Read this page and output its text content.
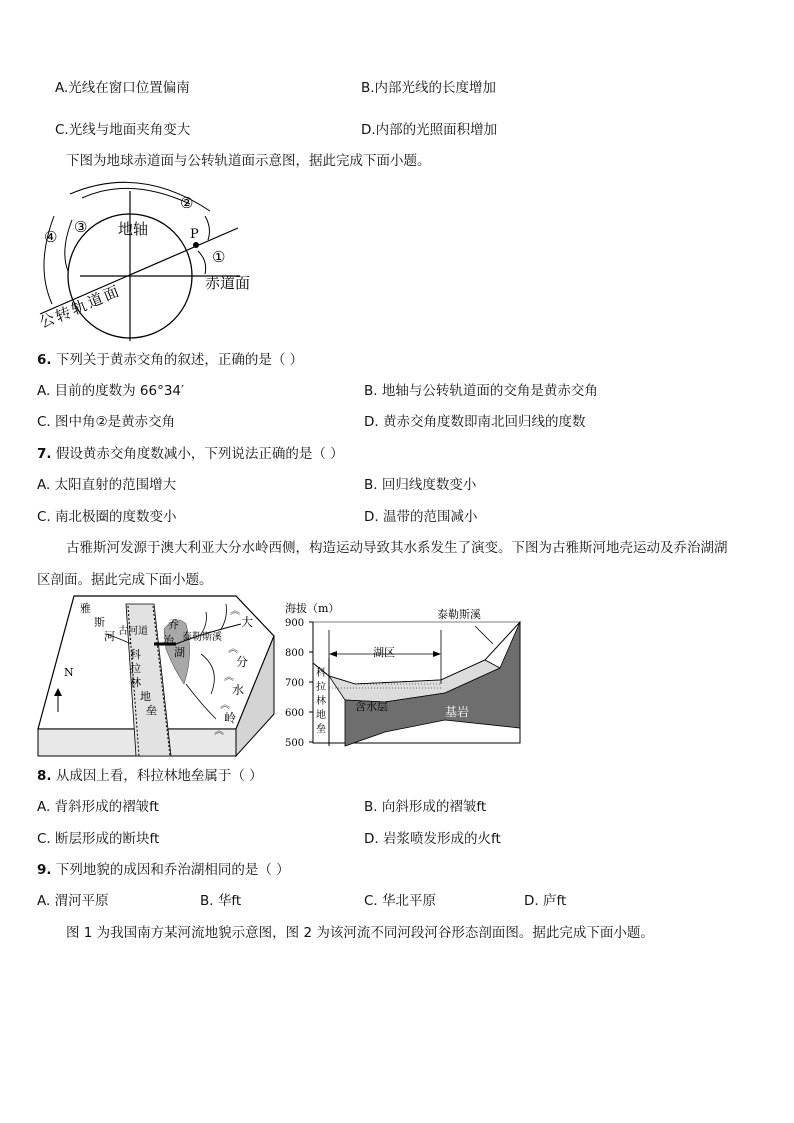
A.光线在窗口位置偏南	B.内部光线的长度增加
C.光线与地面夹角变大	D.内部的光照面积增加
下图为地球赤道面与公转轨道面示意图，据此完成下面小题。
地轴	P
赤道面
①
②
③
④
公
转
轨
道
面
6. 下列关于黄赤交角的叙述，正确的是（ ）
A. 目前的度数为 66°34′	B. 地轴与公转轨道面的交角是黄赤交角
C. 图中角②是黄赤交角	D. 黄赤交角度数即南北回归线的度数
7. 假设黄赤交角度数减小，下列说法正确的是（ ）
A. 太阳直射的范围增大	B. 回归线度数变小
C. 南北极圈的度数变小	D. 温带的范围减小
古雅斯河发源于澳大利亚大分水岭西侧，构造运动导致其水系发生了演变。下图为古雅斯河地壳运动及乔治湖湖
区剖面。据此完成下面小题。
N
雅
斯
河 古河道
科
拉
林
地
垒
乔
治
湖
泰勒斯溪
大
分
水
岭
︽
︽
︽
︽
︽
海拔（m）
900
800
700
600
500
湖区
泰勒斯溪
科
拉
林
地
垒
含水层	基岩
8. 从成因上看，科拉林地垒属于（ ）
A. 背斜形成的褶皱ft	B. 向斜形成的褶皱ft
C. 断层形成的断块ft	D. 岩浆喷发形成的火ft
9. 下列地貌的成因和乔治湖相同的是（ ）
A. 渭河平原	B. 华ft	C. 华北平原	D. 庐ft
图 1 为我国南方某河流地貌示意图，图 2 为该河流不同河段河谷形态剖面图。据此完成下面小题。
